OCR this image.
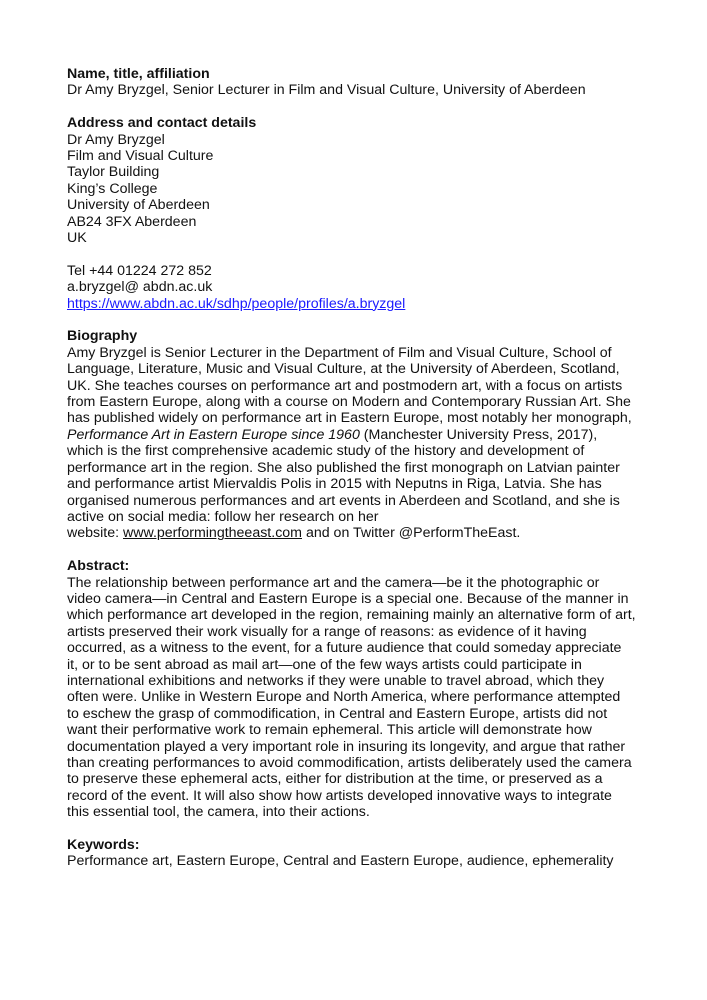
Name, title, affiliation
Dr Amy Bryzgel, Senior Lecturer in Film and Visual Culture, University of Aberdeen
Address and contact details
Dr Amy Bryzgel
Film and Visual Culture
Taylor Building
King’s College
University of Aberdeen
AB24 3FX Aberdeen
UK
Tel +44 01224 272 852
a.bryzgel@ abdn.ac.uk
https://www.abdn.ac.uk/sdhp/people/profiles/a.bryzgel
Biography
Amy Bryzgel is Senior Lecturer in the Department of Film and Visual Culture, School of
Language, Literature, Music and Visual Culture, at the University of Aberdeen, Scotland,
UK. She teaches courses on performance art and postmodern art, with a focus on artists
from Eastern Europe, along with a course on Modern and Contemporary Russian Art. She
has published widely on performance art in Eastern Europe, most notably her monograph,
Performance Art in Eastern Europe since 1960 (Manchester University Press, 2017),
which is the first comprehensive academic study of the history and development of
performance art in the region. She also published the first monograph on Latvian painter
and performance artist Miervaldis Polis in 2015 with Neputns in Riga, Latvia. She has
organised numerous performances and art events in Aberdeen and Scotland, and she is
active on social media: follow her research on her
website: www.performingtheeast.com and on Twitter @PerformTheEast.
Abstract:
The relationship between performance art and the camera—be it the photographic or
video camera—in Central and Eastern Europe is a special one. Because of the manner in
which performance art developed in the region, remaining mainly an alternative form of art,
artists preserved their work visually for a range of reasons: as evidence of it having
occurred, as a witness to the event, for a future audience that could someday appreciate
it, or to be sent abroad as mail art—one of the few ways artists could participate in
international exhibitions and networks if they were unable to travel abroad, which they
often were. Unlike in Western Europe and North America, where performance attempted
to eschew the grasp of commodification, in Central and Eastern Europe, artists did not
want their performative work to remain ephemeral. This article will demonstrate how
documentation played a very important role in insuring its longevity, and argue that rather
than creating performances to avoid commodification, artists deliberately used the camera
to preserve these ephemeral acts, either for distribution at the time, or preserved as a
record of the event. It will also show how artists developed innovative ways to integrate
this essential tool, the camera, into their actions.
Keywords:
Performance art, Eastern Europe, Central and Eastern Europe, audience, ephemerality
